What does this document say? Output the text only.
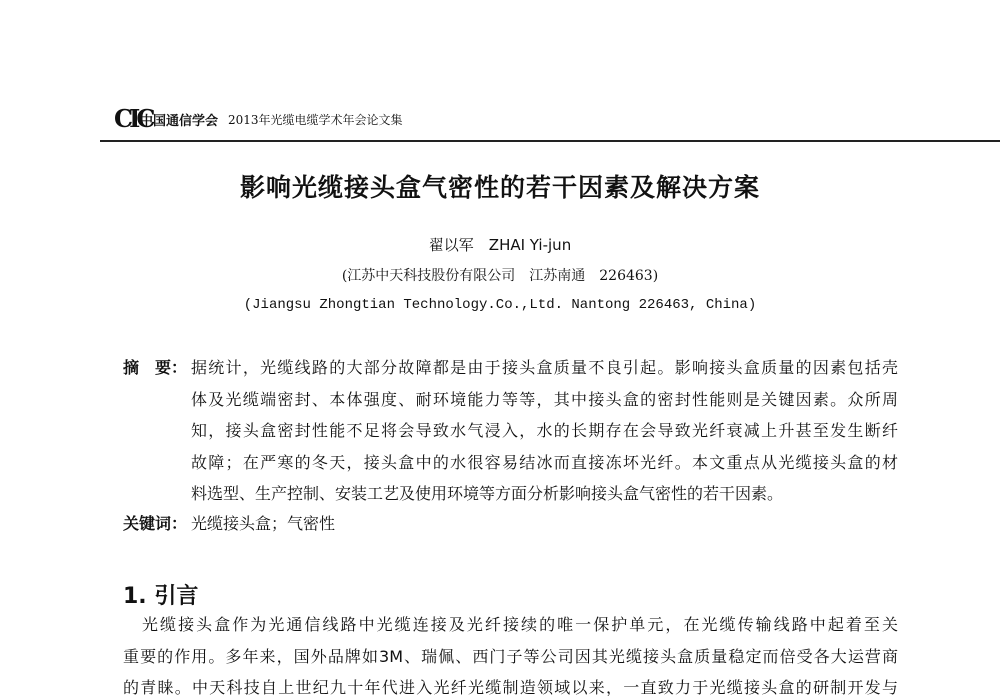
CIC
中国通信学会 2013年光缆电缆学术年会论文集
影响光缆接头盒气密性的若干因素及解决方案
翟以军　ZHAI Yi-jun
(江苏中天科技股份有限公司　江苏南通　226463)
(Jiangsu Zhongtian Technology.Co.,Ltd. Nantong 226463, China)
摘　要： 据统计，光缆线路的大部分故障都是由于接头盒质量不良引起。影响接头盒质量的因素包括壳
体及光缆端密封、本体强度、耐环境能力等等，其中接头盒的密封性能则是关键因素。众所周
知，接头盒密封性能不足将会导致水气浸入，水的长期存在会导致光纤衰减上升甚至发生断纤
故障；在严寒的冬天，接头盒中的水很容易结冰而直接冻坏光纤。本文重点从光缆接头盒的材
料选型、生产控制、安装工艺及使用环境等方面分析影响接头盒气密性的若干因素。
关键词： 光缆接头盒；气密性
1. 引言
光缆接头盒作为光通信线路中光缆连接及光纤接续的唯一保护单元，在光缆传输线路中起着至关
重要的作用。多年来，国外品牌如3M、瑞佩、西门子等公司因其光缆接头盒质量稳定而倍受各大运营商
的青睐。中天科技自上世纪九十年代进入光纤光缆制造领域以来，一直致力于光缆接头盒的研制开发与
